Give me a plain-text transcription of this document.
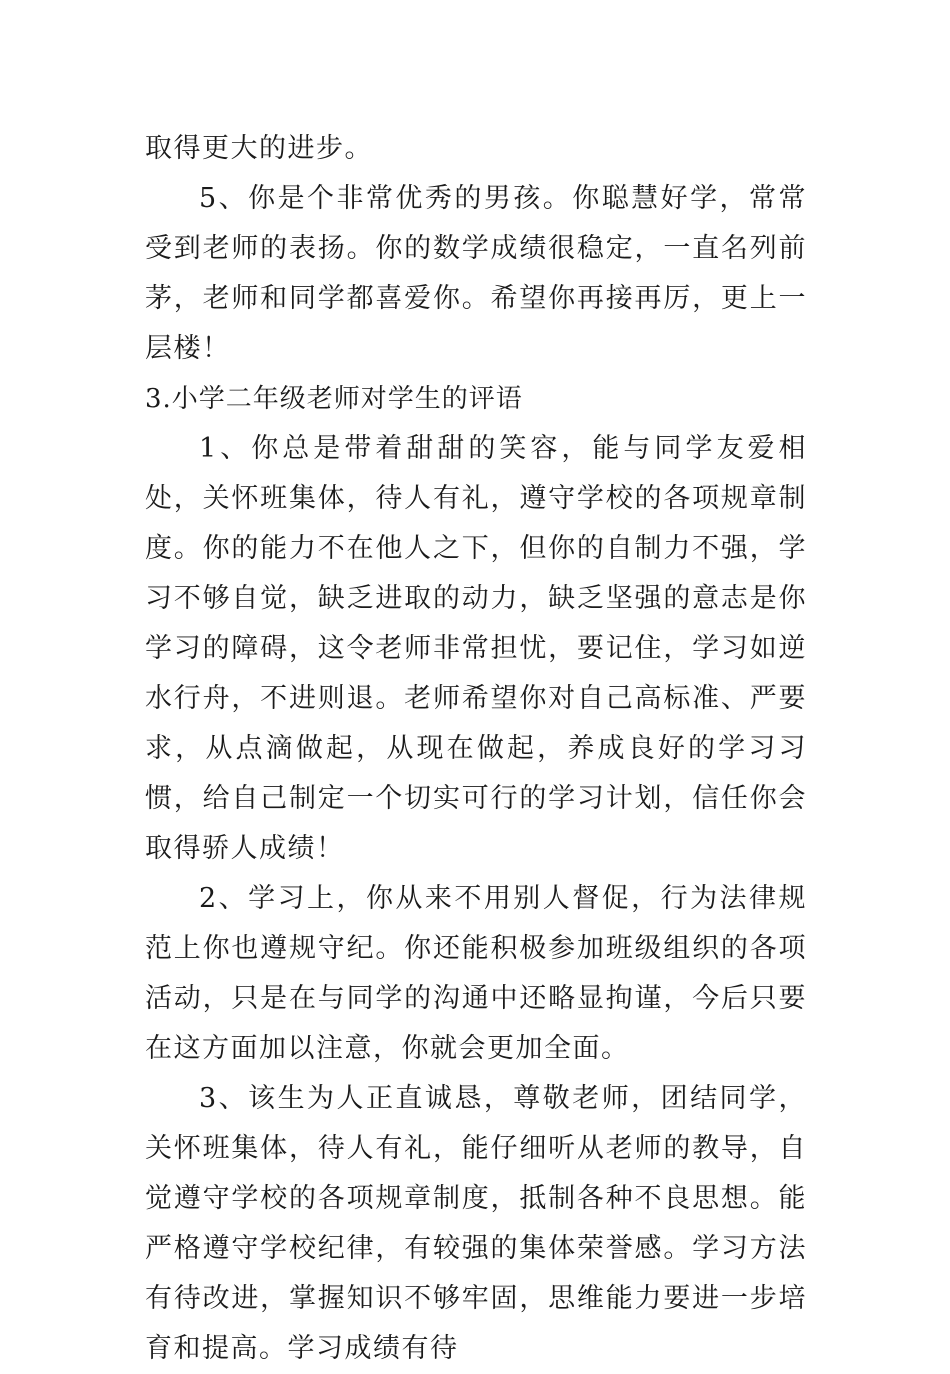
取得更大的进步。

5、你是个非常优秀的男孩。你聪慧好学，常常受到老师的表扬。你的数学成绩很稳定，一直名列前茅，老师和同学都喜爱你。希望你再接再厉，更上一层楼！

3.小学二年级老师对学生的评语

1、你总是带着甜甜的笑容，能与同学友爱相处，关怀班集体，待人有礼，遵守学校的各项规章制度。你的能力不在他人之下，但你的自制力不强，学习不够自觉，缺乏进取的动力，缺乏坚强的意志是你学习的障碍，这令老师非常担忧，要记住，学习如逆水行舟，不进则退。老师希望你对自己高标准、严要求，从点滴做起，从现在做起，养成良好的学习习惯，给自己制定一个切实可行的学习计划，信任你会取得骄人成绩！

2、学习上，你从来不用别人督促，行为法律规范上你也遵规守纪。你还能积极参加班级组织的各项活动，只是在与同学的沟通中还略显拘谨，今后只要在这方面加以注意，你就会更加全面。

3、该生为人正直诚恳，尊敬老师，团结同学，关怀班集体，待人有礼，能仔细听从老师的教导，自觉遵守学校的各项规章制度，抵制各种不良思想。能严格遵守学校纪律，有较强的集体荣誉感。学习方法有待改进，掌握知识不够牢固，思维能力要进一步培育和提高。学习成绩有待
